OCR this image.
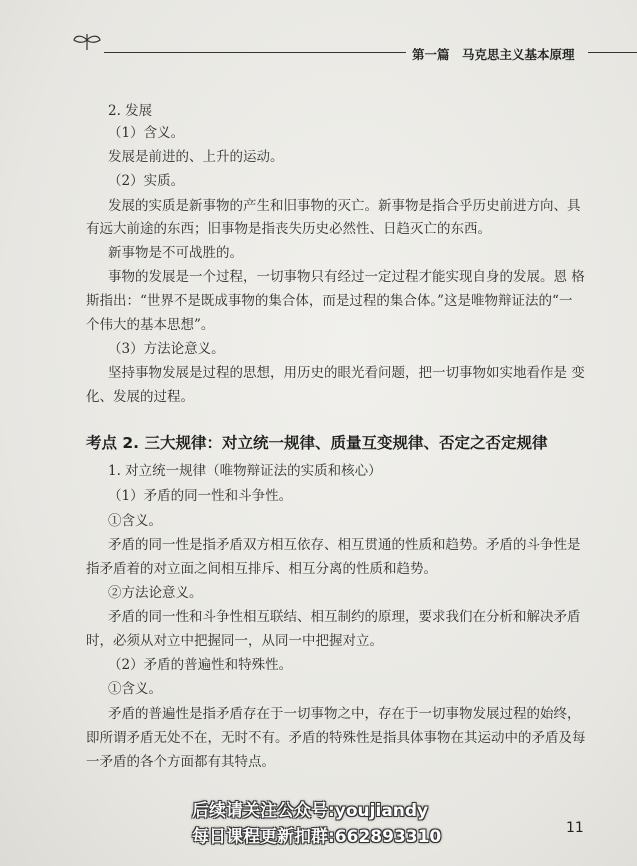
第一篇　马克思主义基本原理
2. 发展
（1）含义。
发展是前进的、上升的运动。
（2）实质。
发展的实质是新事物的产生和旧事物的灭亡。新事物是指合乎历史前进方向、具
有远大前途的东西；旧事物是指丧失历史必然性、日趋灭亡的东西。
新事物是不可战胜的。
事物的发展是一个过程，一切事物只有经过一定过程才能实现自身的发展。恩 格
斯指出：“世界不是既成事物的集合体，而是过程的集合体。”这是唯物辩证法的“一
个伟大的基本思想”。
（3）方法论意义。
坚持事物发展是过程的思想，用历史的眼光看问题，把一切事物如实地看作是 变
化、发展的过程。
1. 对立统一规律（唯物辩证法的实质和核心）
（1）矛盾的同一性和斗争性。
①含义。
矛盾的同一性是指矛盾双方相互依存、相互贯通的性质和趋势。矛盾的斗争性是
指矛盾着的对立面之间相互排斥、相互分离的性质和趋势。
②方法论意义。
矛盾的同一性和斗争性相互联结、相互制约的原理，要求我们在分析和解决矛盾
时，必须从对立中把握同一，从同一中把握对立。
（2）矛盾的普遍性和特殊性。
①含义。
矛盾的普遍性是指矛盾存在于一切事物之中，存在于一切事物发展过程的始终，
即所谓矛盾无处不在，无时不有。矛盾的特殊性是指具体事物在其运动中的矛盾及每
一矛盾的各个方面都有其特点。
考点 2. 三大规律：对立统一规律、质量互变规律、否定之否定规律
11
后续请关注公众号:youjiandy
每日课程更新扣群:662893310
